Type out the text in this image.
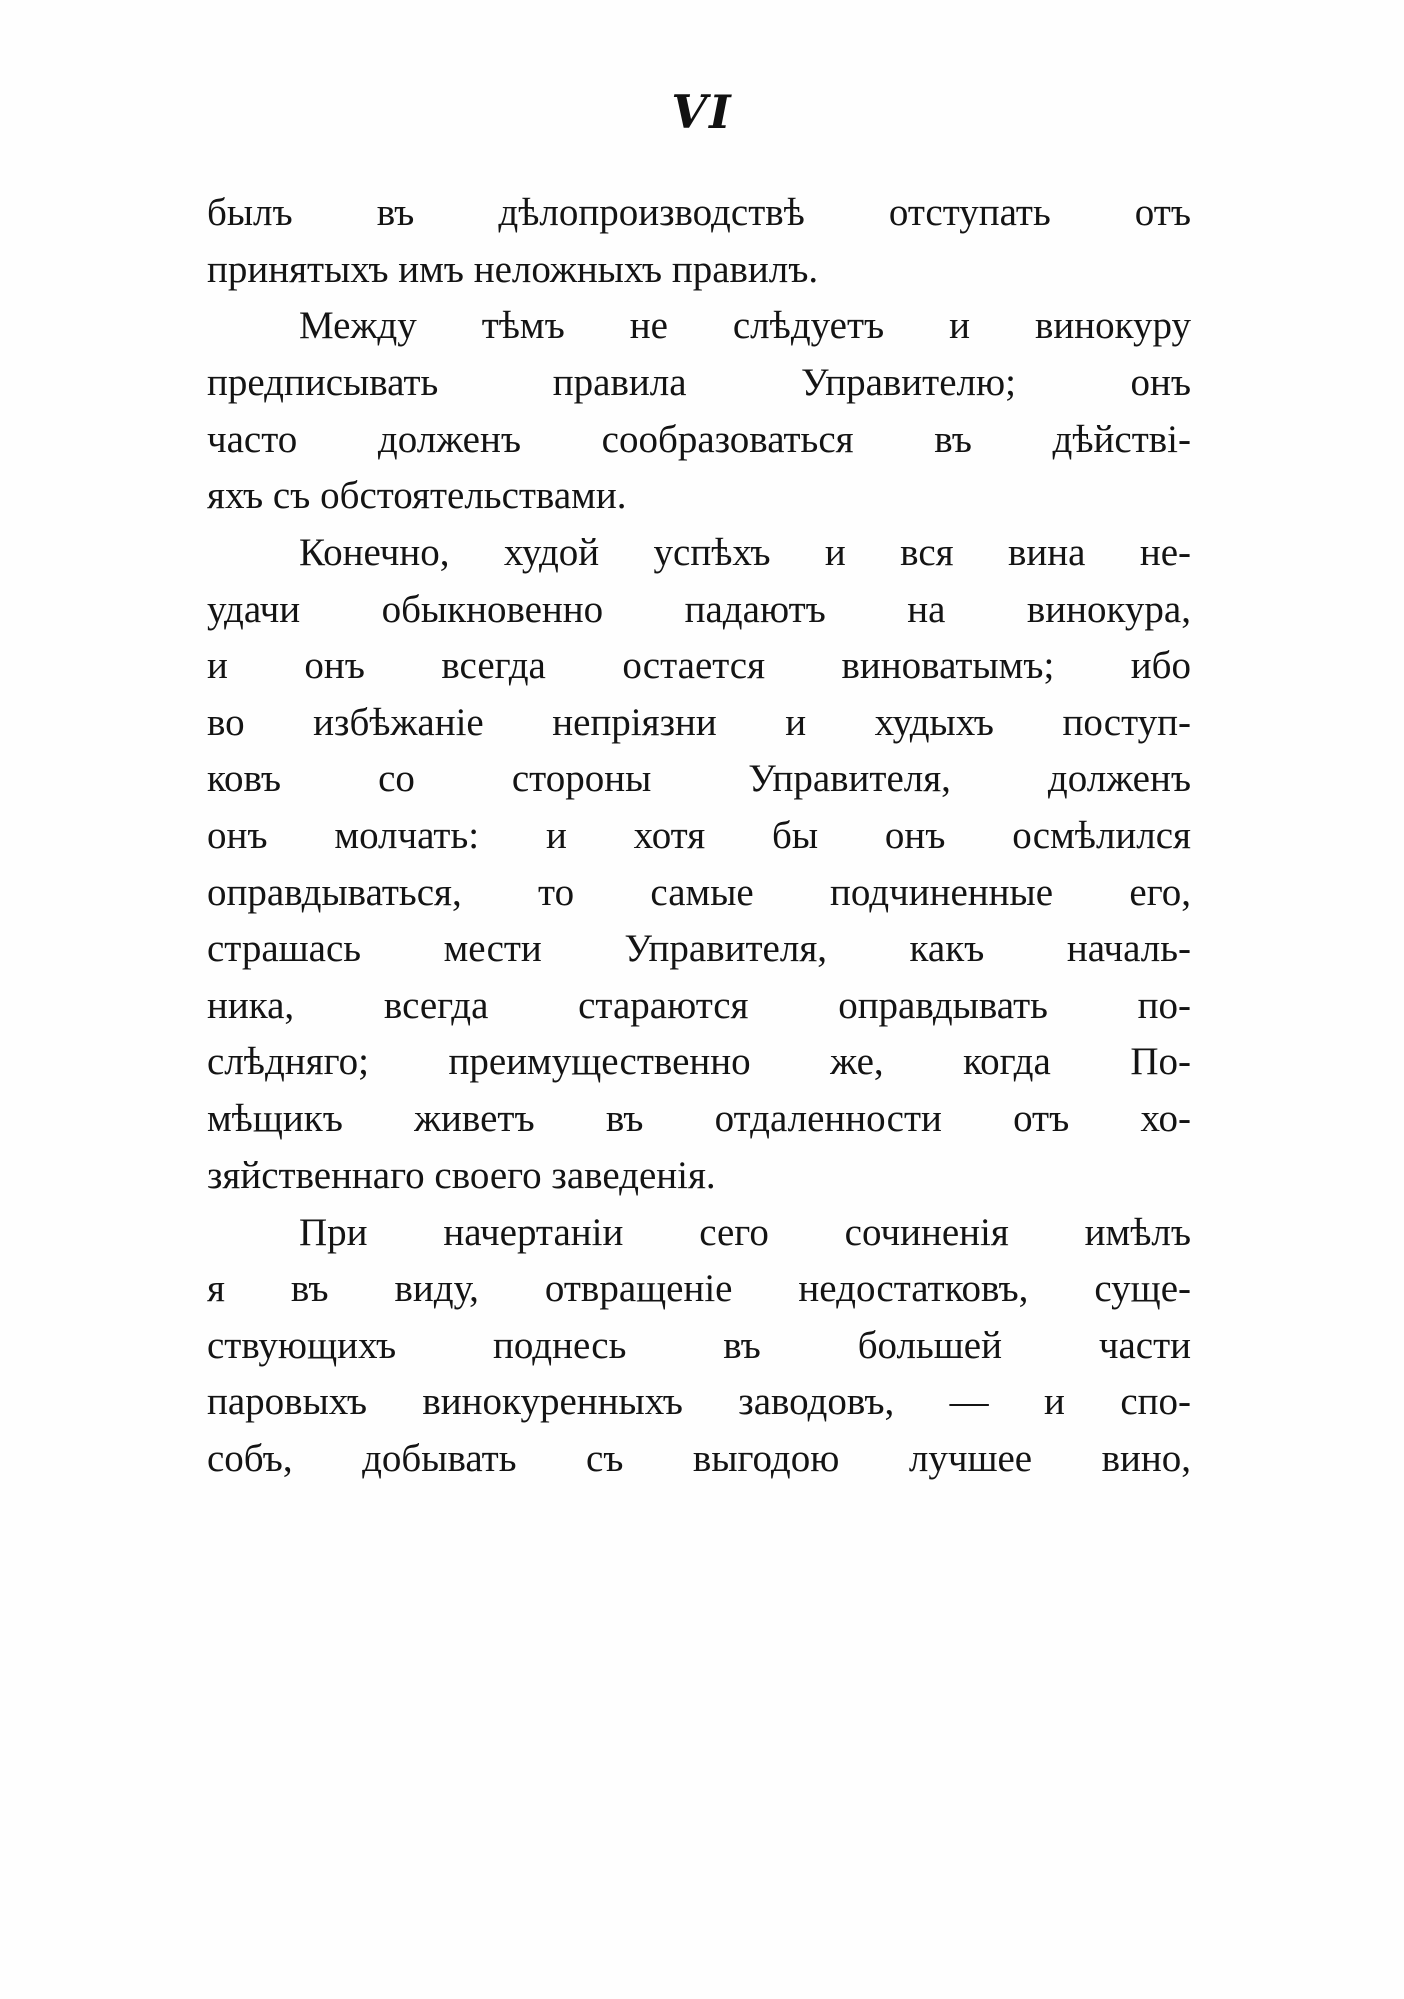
VI
былъ въ дѣлопроизводствѣ отступать отъ
принятыхъ имъ неложныхъ правилъ.
Между тѣмъ не слѣдуетъ и винокуру
предписывать правила Управителю; онъ
часто долженъ сообразоваться въ дѣйствi-
яхъ съ обстоятельствами.
Конечно, худой успѣхъ и вся вина не-
удачи обыкновенно падаютъ на винокура,
и онъ всегда остается виноватымъ; ибо
во избѣжанiе непрiязни и худыхъ поступ-
ковъ со стороны Управителя, долженъ
онъ молчать: и хотя бы онъ осмѣлился
оправдываться, то самые подчиненные его,
страшась мести Управителя, какъ началь-
ника, всегда стараются оправдывать по-
слѣдняго; преимущественно же, когда По-
мѣщикъ живетъ въ отдаленности отъ хо-
зяйственнаго своего заведенiя.
При начертанiи сего сочиненiя имѣлъ
я въ виду, отвращенiе недостатковъ, суще-
ствующихъ поднесь въ большей части
паровыхъ винокуренныхъ заводовъ, — и спо-
собъ, добывать съ выгодою лучшее вино,
